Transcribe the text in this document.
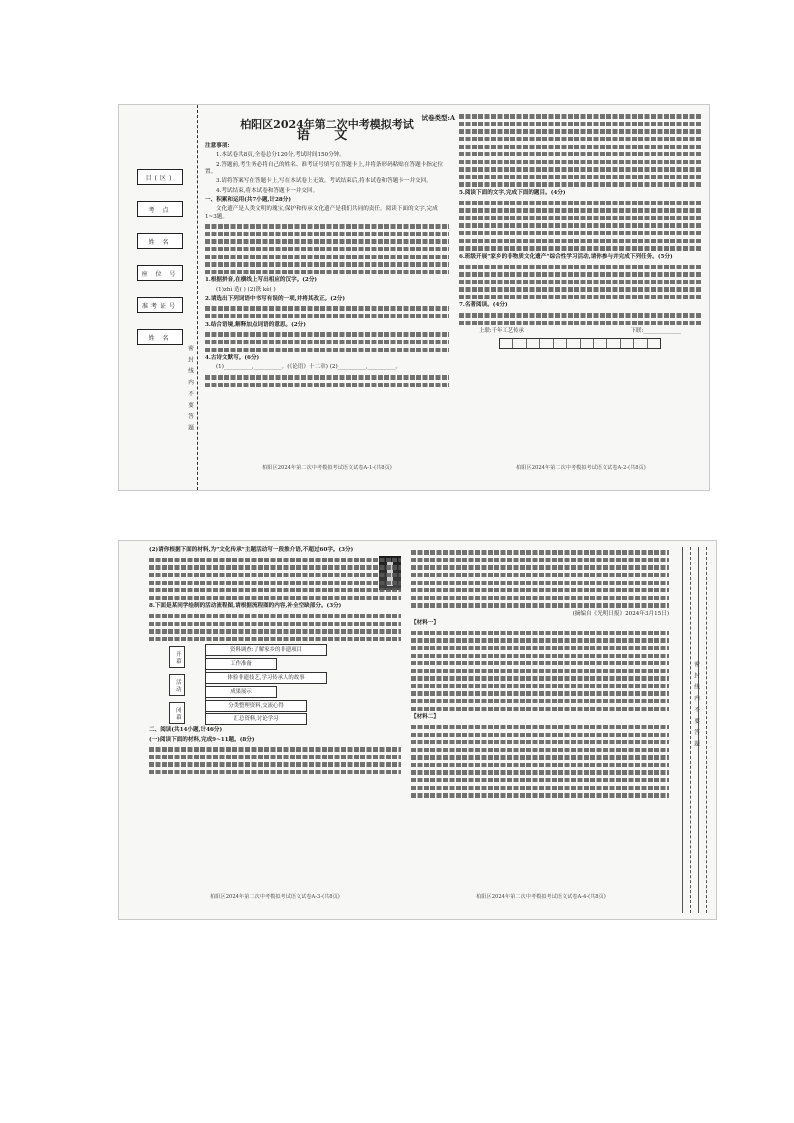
目(区)
考 点
姓 名
座 位 号
准考证号
姓 名
密 封 线 内 不 要 答 题
试卷类型:A
柏阳区2024年第二次中考模拟考试
语 文

注意事项:

1.本试卷共8页,全卷总分120分,考试时间150分钟。

2.答题前,考生务必将自己的姓名、准考证号填写在答题卡上,并将条形码粘贴在答题卡指定位置。

3.请将答案写在答题卡上,写在本试卷上无效。考试结束后,将本试卷和答题卡一并交回。

4.考试结束,将本试卷和答题卡一并交回。

一、积累和运用(共7小题,计28分)

文化遗产是人类文明的瑰宝,保护和传承文化遗产是我们共同的责任。阅读下面的文字,完成1~3题。

1.根据拼音,在横线上写出相应的汉字。(2分)

(1)zhì 造( ) (2)镌 kè( )

2.请选出下列词语中书写有误的一项,并将其改正。(2分)

3.结合语境,解释加点词语的意思。(2分)

4.古诗文默写。(6分)

(1)__________,__________。(《论语》十二章) (2)__________,__________。

柏阳区2024年第二次中考模拟考试语文试卷A-1-(共8页)

5.阅读下面的文字,完成下面的题目。(4分)

6.班级开展“家乡的非物质文化遗产”综合性学习活动,请你参与并完成下列任务。(5分)

7.名著阅读。(4分)

上联:千年工艺传承	下联:______________
柏阳区2024年第二次中考模拟考试语文试卷A-2-(共8页)

(2)请你根据下面的材料,为“文化传承”主题活动写一段推介语,不超过60字。(3分)

8.下面是某同学绘制的活动流程图,请根据流程图的内容,补全空缺部分。(3分)

开 幕
活 动
闭 幕
资料调查:了解家乡的非遗项目
工作准备
体验非遗技艺,学习传承人的故事
成果展示
分类整理资料,交流心得
汇总资料,讨论学习

二、阅读(共14小题,计46分)

(一)阅读下面的材料,完成9~11题。(8分)

柏阳区2024年第二次中考模拟考试语文试卷A-3-(共8页)

(摘编自《光明日报》2024年3月15日)

【材料一】

【材料二】

柏阳区2024年第二次中考模拟考试语文试卷A-4-(共8页)
密 封 线 内 不 要 答 题
